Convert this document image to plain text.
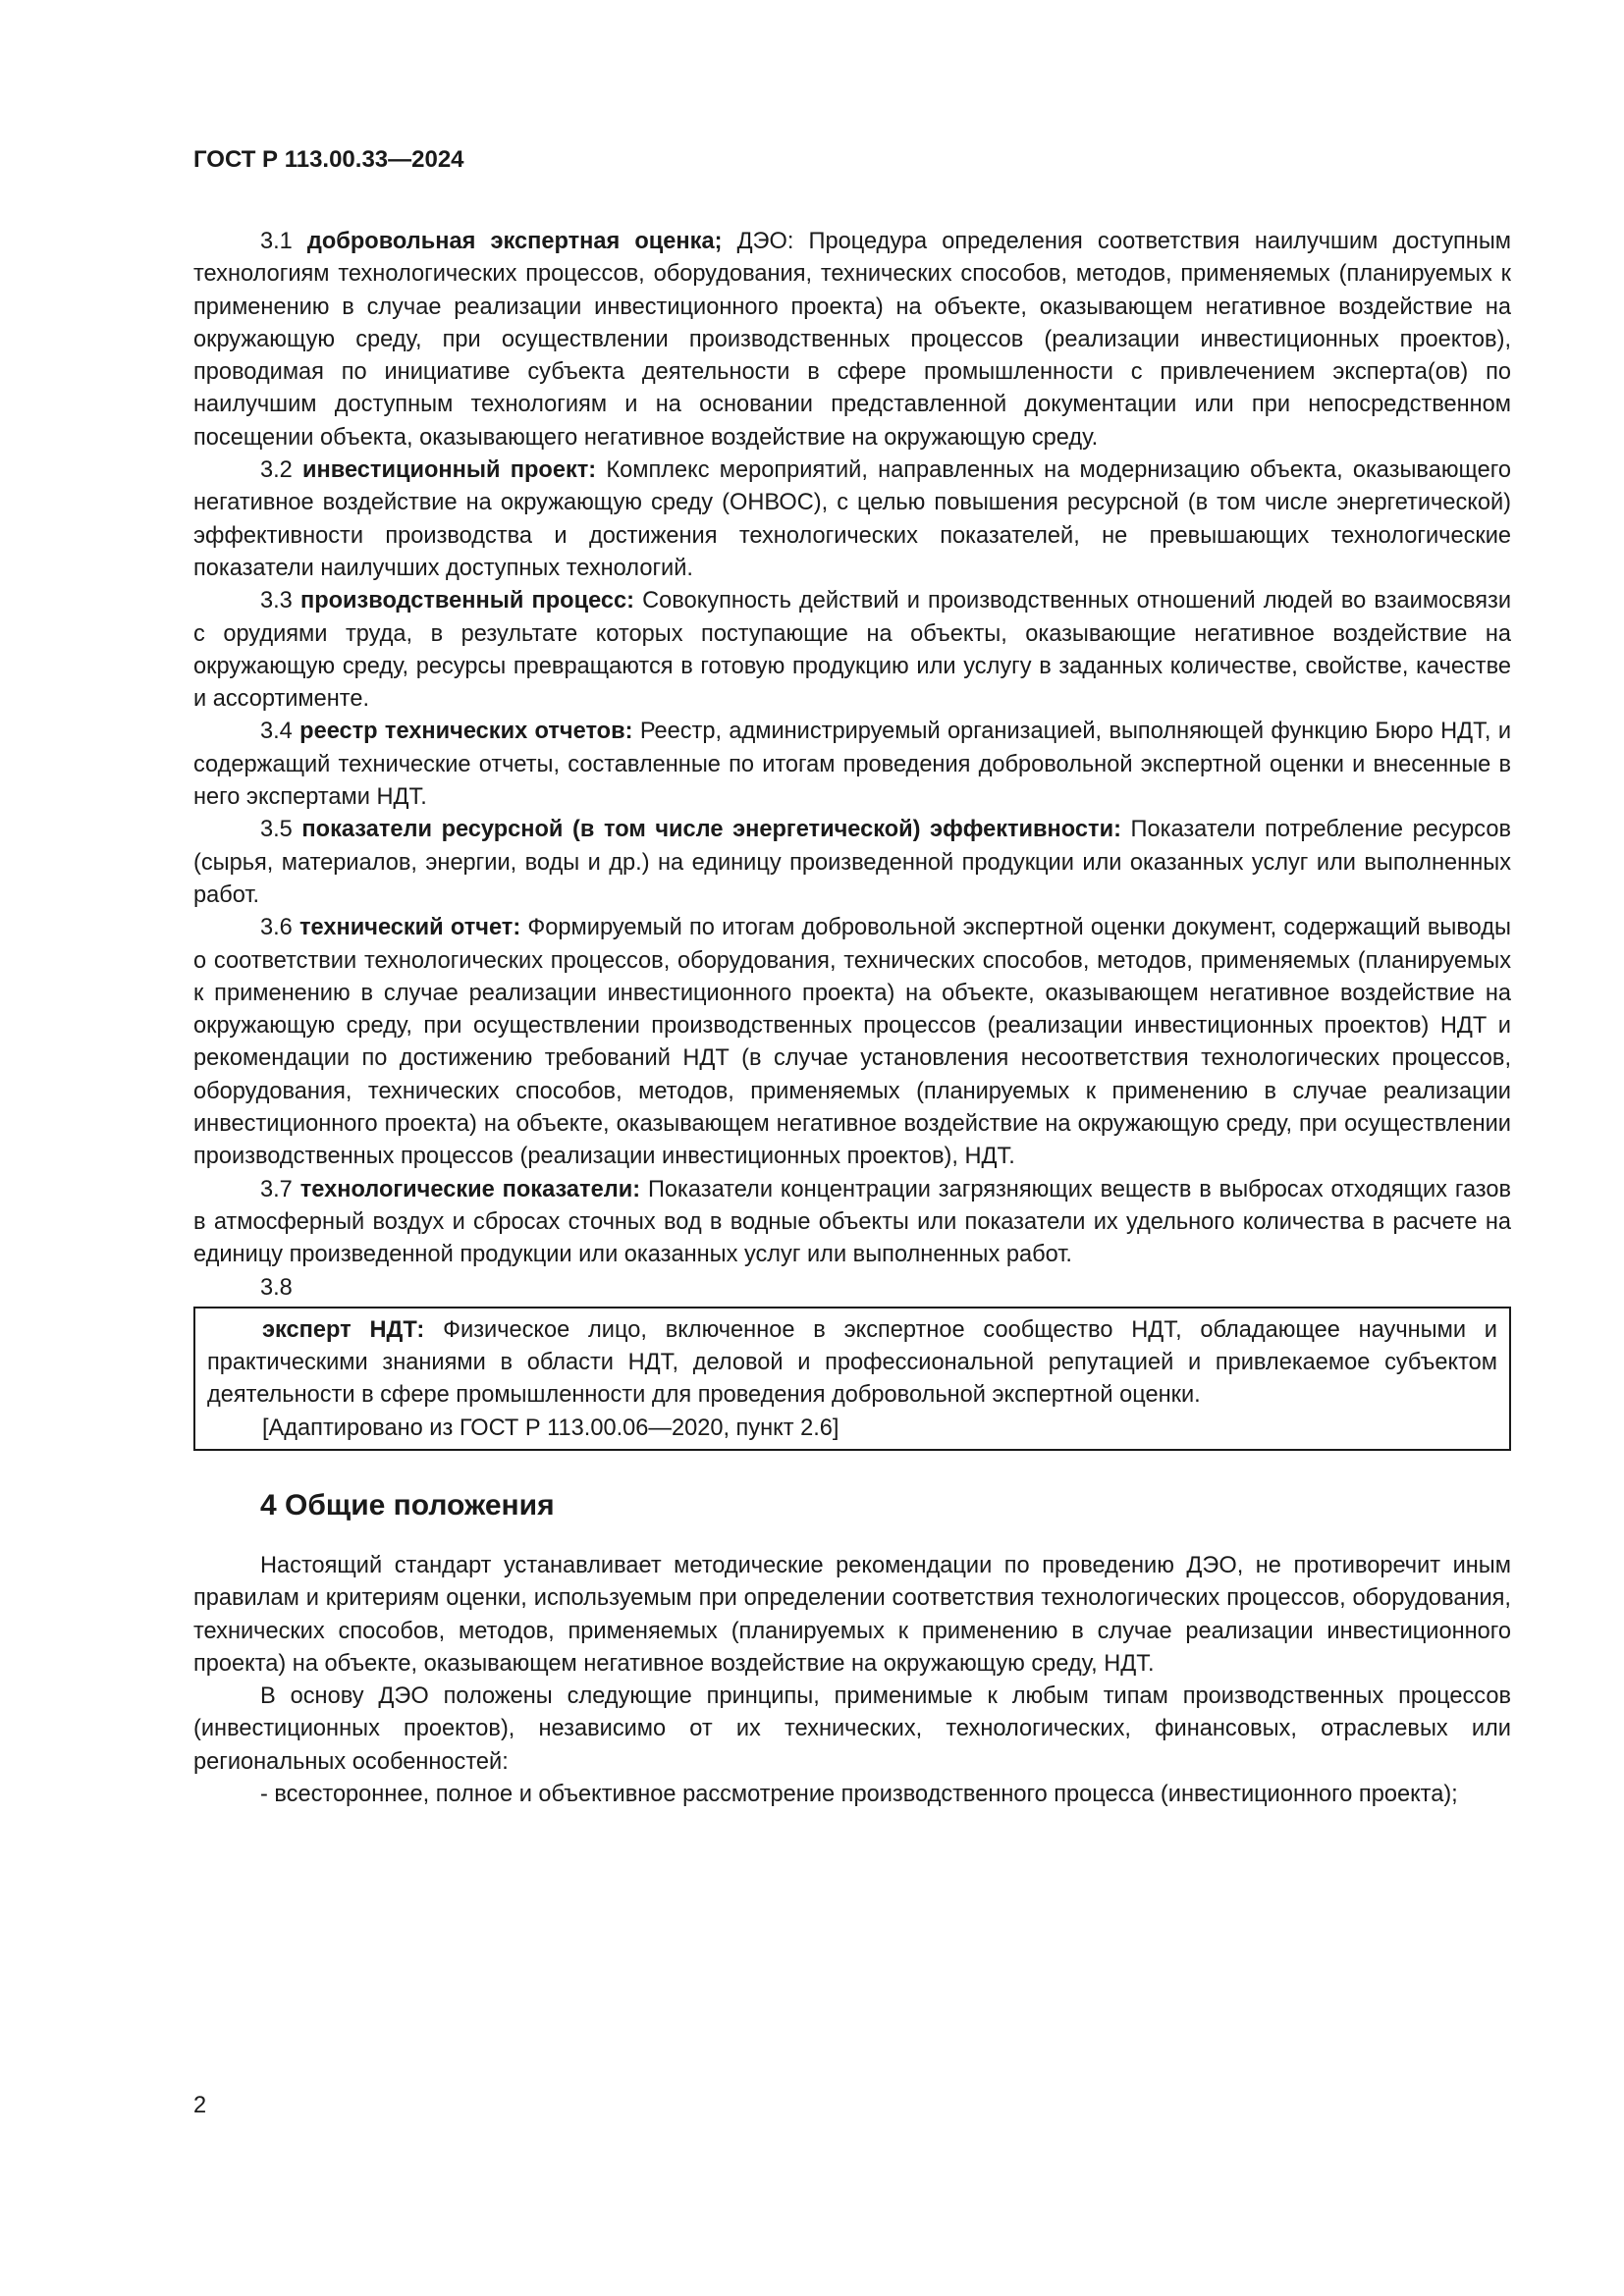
ГОСТ Р 113.00.33—2024

3.1 добровольная экспертная оценка; ДЭО: Процедура определения соответствия наилучшим доступным технологиям технологических процессов, оборудования, технических способов, методов, применяемых (планируемых к применению в случае реализации инвестиционного проекта) на объекте, оказывающем негативное воздействие на окружающую среду, при осуществлении производственных процессов (реализации инвестиционных проектов), проводимая по инициативе субъекта деятельности в сфере промышленности с привлечением эксперта(ов) по наилучшим доступным технологиям и на основании представленной документации или при непосредственном посещении объекта, оказывающего негативное воздействие на окружающую среду.

3.2 инвестиционный проект: Комплекс мероприятий, направленных на модернизацию объекта, оказывающего негативное воздействие на окружающую среду (ОНВОС), с целью повышения ресурсной (в том числе энергетической) эффективности производства и достижения технологических показателей, не превышающих технологические показатели наилучших доступных технологий.

3.3 производственный процесс: Совокупность действий и производственных отношений людей во взаимосвязи с орудиями труда, в результате которых поступающие на объекты, оказывающие негативное воздействие на окружающую среду, ресурсы превращаются в готовую продукцию или услугу в заданных количестве, свойстве, качестве и ассортименте.

3.4 реестр технических отчетов: Реестр, администрируемый организацией, выполняющей функцию Бюро НДТ, и содержащий технические отчеты, составленные по итогам проведения добровольной экспертной оценки и внесенные в него экспертами НДТ.

3.5 показатели ресурсной (в том числе энергетической) эффективности: Показатели потребление ресурсов (сырья, материалов, энергии, воды и др.) на единицу произведенной продукции или оказанных услуг или выполненных работ.

3.6 технический отчет: Формируемый по итогам добровольной экспертной оценки документ, содержащий выводы о соответствии технологических процессов, оборудования, технических способов, методов, применяемых (планируемых к применению в случае реализации инвестиционного проекта) на объекте, оказывающем негативное воздействие на окружающую среду, при осуществлении производственных процессов (реализации инвестиционных проектов) НДТ и рекомендации по достижению требований НДТ (в случае установления несоответствия технологических процессов, оборудования, технических способов, методов, применяемых (планируемых к применению в случае реализации инвестиционного проекта) на объекте, оказывающем негативное воздействие на окружающую среду, при осуществлении производственных процессов (реализации инвестиционных проектов), НДТ.

3.7 технологические показатели: Показатели концентрации загрязняющих веществ в выбросах отходящих газов в атмосферный воздух и сбросах сточных вод в водные объекты или показатели их удельного количества в расчете на единицу произведенной продукции или оказанных услуг или выполненных работ.

3.8

эксперт НДТ: Физическое лицо, включенное в экспертное сообщество НДТ, обладающее научными и практическими знаниями в области НДТ, деловой и профессиональной репутацией и привлекаемое субъектом деятельности в сфере промышленности для проведения добровольной экспертной оценки.

[Адаптировано из ГОСТ Р 113.00.06—2020, пункт 2.6]

4 Общие положения

Настоящий стандарт устанавливает методические рекомендации по проведению ДЭО, не противоречит иным правилам и критериям оценки, используемым при определении соответствия технологических процессов, оборудования, технических способов, методов, применяемых (планируемых к применению в случае реализации инвестиционного проекта) на объекте, оказывающем негативное воздействие на окружающую среду, НДТ.

В основу ДЭО положены следующие принципы, применимые к любым типам производственных процессов (инвестиционных проектов), независимо от их технических, технологических, финансовых, отраслевых или региональных особенностей:

- всестороннее, полное и объективное рассмотрение производственного процесса (инвестиционного проекта);

2
